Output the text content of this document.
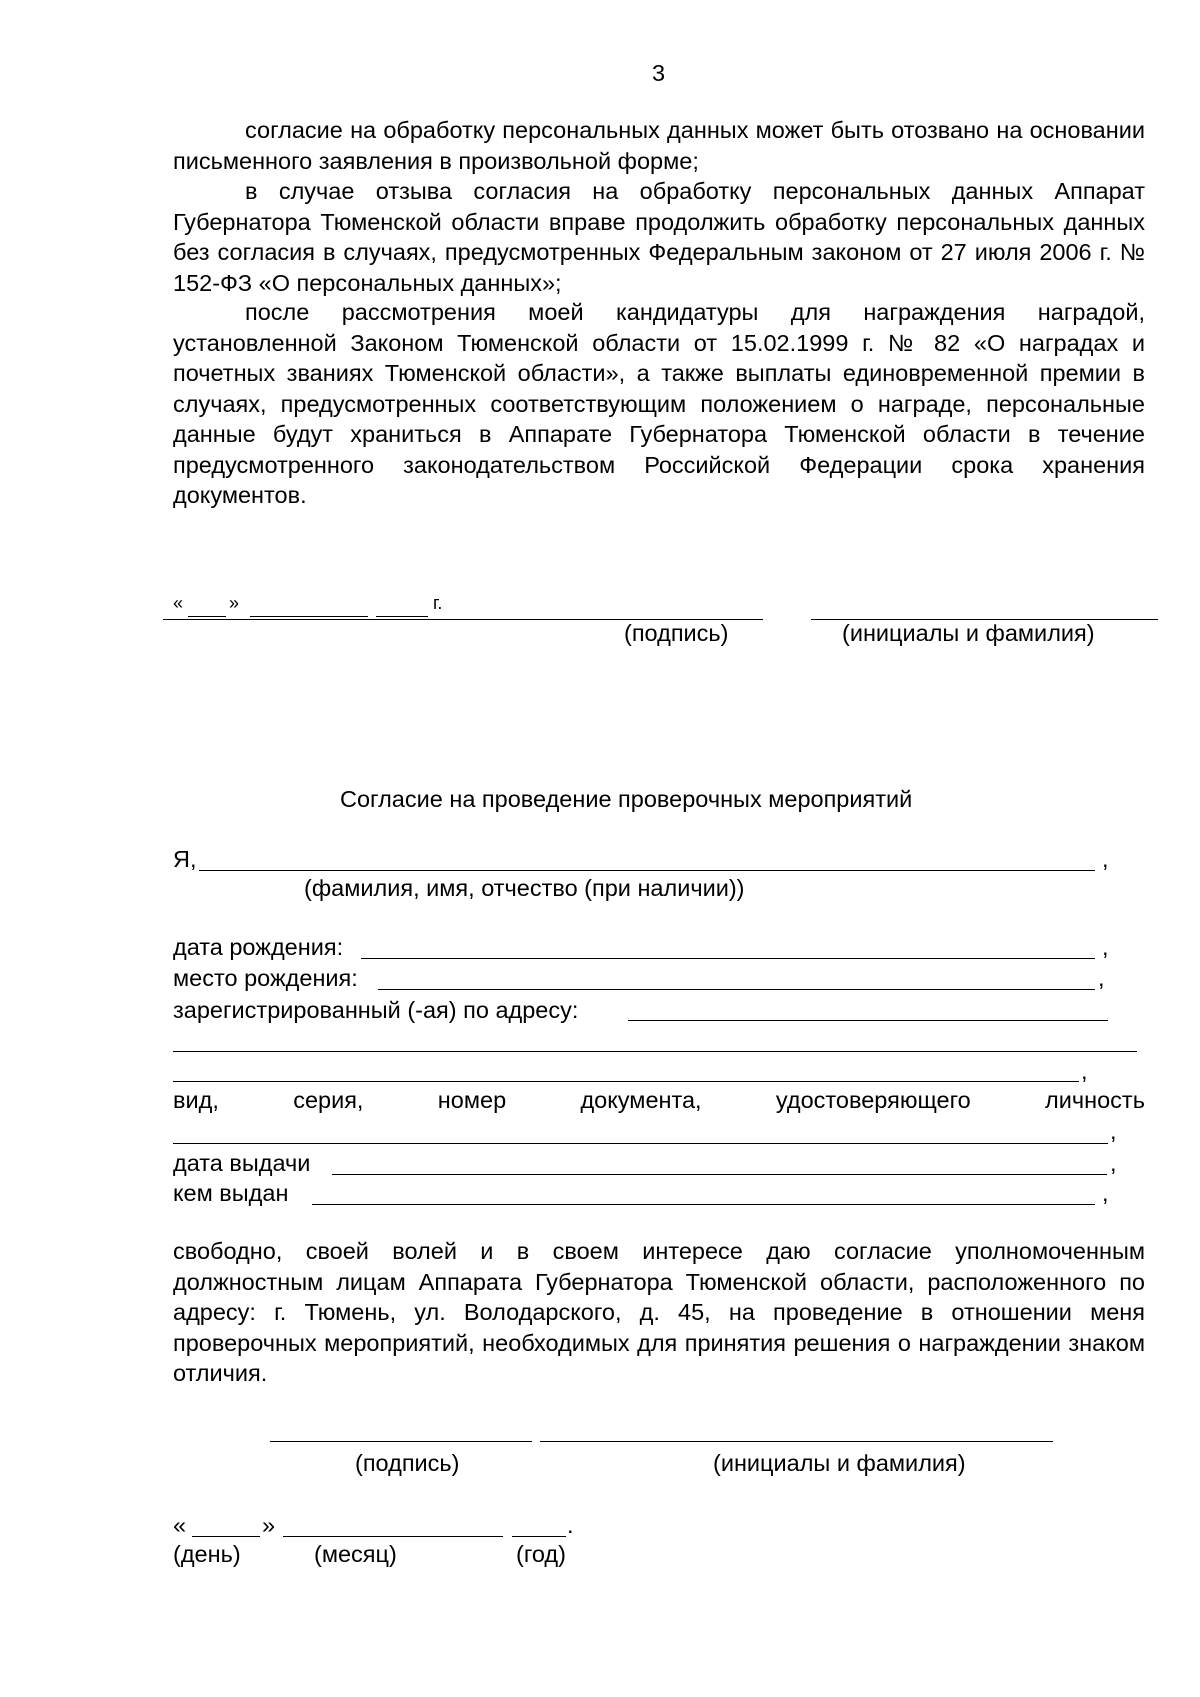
3

согласие на обработку персональных данных может быть отозвано на основании письменного заявления в произвольной форме;

в случае отзыва согласия на обработку персональных данных Аппарат Губернатора Тюменской области вправе продолжить обработку персональных данных без согласия в случаях, предусмотренных Федеральным законом от 27 июля 2006 г. № 152-ФЗ «О персональных данных»;

после рассмотрения моей кандидатуры для награждения наградой, установленной Законом Тюменской области от 15.02.1999 г. № 82 «О наградах и почетных званиях Тюменской области», а также выплаты единовременной премии в случаях, предусмотренных соответствующим положением о награде, персональные данные будут храниться в Аппарате Губернатора Тюменской области в течение предусмотренного законодательством Российской Федерации срока хранения документов.

«	»	г.
(подпись)	(инициалы и фамилия)
Согласие на проведение проверочных мероприятий
Я,	,
(фамилия, имя, отчество (при наличии))
дата рождения:	,
место рождения:	,
зарегистрированный (-ая) по адресу:
,
вид,	серия,	номер	документа,	удостоверяющего	личность
,
дата выдачи	,
кем выдан	,

свободно, своей волей и в своем интересе даю согласие уполномоченным должностным лицам Аппарата Губернатора Тюменской области, расположенного по адресу: г. Тюмень, ул. Володарского, д. 45, на проведение в отношении меня проверочных мероприятий, необходимых для принятия решения о награждении знаком отличия.

(подпись)	(инициалы и фамилия)
«	»	.
(день)	(месяц)	(год)
